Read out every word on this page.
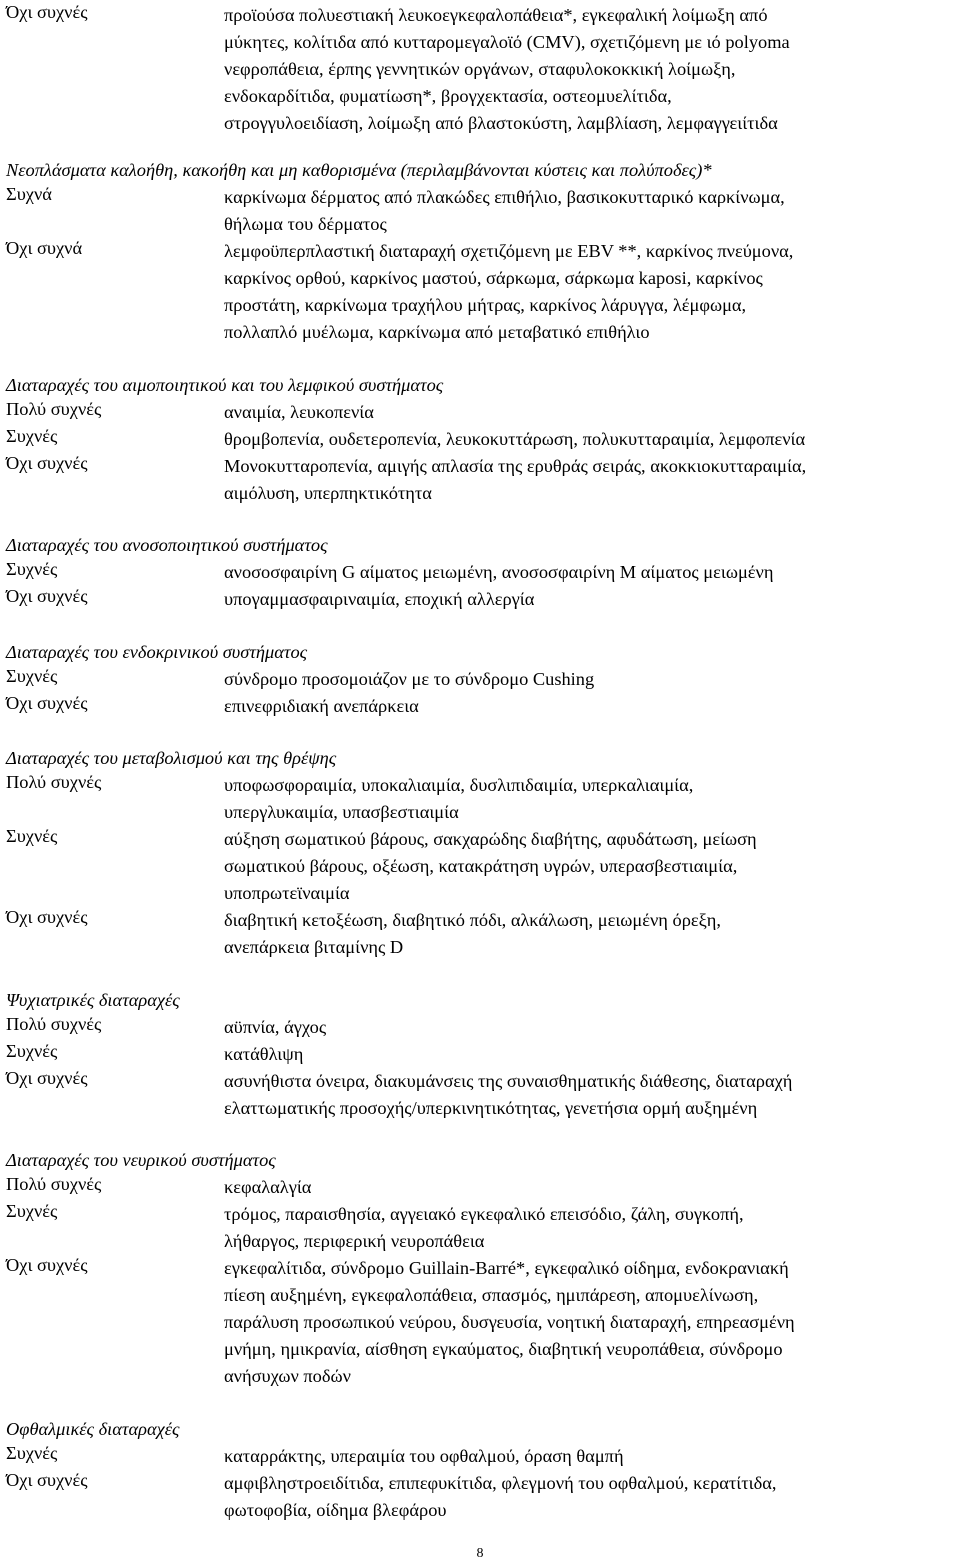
Όχι συχνές	προϊούσα πολυεστιακή λευκοεγκεφαλοπάθεια*, εγκεφαλική λοίμωξη από
μύκητες, κολίτιδα από κυτταρομεγαλοϊό (CMV), σχετιζόμενη με ιό polyoma
νεφροπάθεια, έρπης γεννητικών οργάνων, σταφυλοκοκκική λοίμωξη,
ενδοκαρδίτιδα, φυματίωση*, βρογχεκτασία, οστεομυελίτιδα,
στρογγυλοειδίαση, λοίμωξη από βλαστοκύστη, λαμβλίαση, λεμφαγγειίτιδα
Νεοπλάσματα καλοήθη, κακοήθη και μη καθορισμένα (περιλαμβάνονται κύστεις και πολύποδες)*
Συχνά	καρκίνωμα δέρματος από πλακώδες επιθήλιο, βασικοκυτταρικό καρκίνωμα,
θήλωμα του δέρματος
Όχι συχνά	λεμφοϋπερπλαστική διαταραχή σχετιζόμενη με EBV **, καρκίνος πνεύμονα,
καρκίνος ορθού, καρκίνος μαστού, σάρκωμα, σάρκωμα kaposi, καρκίνος
προστάτη, καρκίνωμα τραχήλου μήτρας, καρκίνος λάρυγγα, λέμφωμα,
πολλαπλό μυέλωμα, καρκίνωμα από μεταβατικό επιθήλιο
Διαταραχές του αιμοποιητικού και του λεμφικού συστήματος
Πολύ συχνές	αναιμία, λευκοπενία
Συχνές	θρομβοπενία, ουδετεροπενία, λευκοκυττάρωση, πολυκυτταραιμία, λεμφοπενία
Όχι συχνές	Μονοκυτταροπενία, αμιγής απλασία της ερυθράς σειράς, ακοκκιοκυτταραιμία,
αιμόλυση, υπερπηκτικότητα
Διαταραχές του ανοσοποιητικού συστήματος
Συχνές	ανοσοσφαιρίνη G αίματος μειωμένη, ανοσοσφαιρίνη M αίματος μειωμένη
Όχι συχνές	υπογαμμασφαιριναιμία, εποχική αλλεργία
Διαταραχές του ενδοκρινικού συστήματος
Συχνές	σύνδρομο προσομοιάζον με το σύνδρομο Cushing
Όχι συχνές	επινεφριδιακή ανεπάρκεια
Διαταραχές του μεταβολισμού και της θρέψης
Πολύ συχνές	υποφωσφοραιμία, υποκαλιαιμία, δυσλιπιδαιμία, υπερκαλιαιμία,
υπεργλυκαιμία, υπασβεστιαιμία
Συχνές	αύξηση σωματικού βάρους, σακχαρώδης διαβήτης, αφυδάτωση, μείωση
σωματικού βάρους, οξέωση, κατακράτηση υγρών, υπερασβεστιαιμία,
υποπρωτεϊναιμία
Όχι συχνές	διαβητική κετοξέωση, διαβητικό πόδι, αλκάλωση, μειωμένη όρεξη,
ανεπάρκεια βιταμίνης D
Ψυχιατρικές διαταραχές
Πολύ συχνές	αϋπνία, άγχος
Συχνές	κατάθλιψη
Όχι συχνές	ασυνήθιστα όνειρα, διακυμάνσεις της συναισθηματικής διάθεσης, διαταραχή
ελαττωματικής προσοχής/υπερκινητικότητας, γενετήσια ορμή αυξημένη
Διαταραχές του νευρικού συστήματος
Πολύ συχνές	κεφαλαλγία
Συχνές	τρόμος, παραισθησία, αγγειακό εγκεφαλικό επεισόδιο, ζάλη, συγκοπή,
λήθαργος, περιφερική νευροπάθεια
Όχι συχνές	εγκεφαλίτιδα, σύνδρομο Guillain-Barré*, εγκεφαλικό οίδημα, ενδοκρανιακή
πίεση αυξημένη, εγκεφαλοπάθεια, σπασμός, ημιπάρεση, απομυελίνωση,
παράλυση προσωπικού νεύρου, δυσγευσία, νοητική διαταραχή, επηρεασμένη
μνήμη, ημικρανία, αίσθηση εγκαύματος, διαβητική νευροπάθεια, σύνδρομο
ανήσυχων ποδών
Οφθαλμικές διαταραχές
Συχνές	καταρράκτης, υπεραιμία του οφθαλμού, όραση θαμπή
Όχι συχνές	αμφιβληστροειδίτιδα, επιπεφυκίτιδα, φλεγμονή του οφθαλμού, κερατίτιδα,
φωτοφοβία, οίδημα βλεφάρου
8
